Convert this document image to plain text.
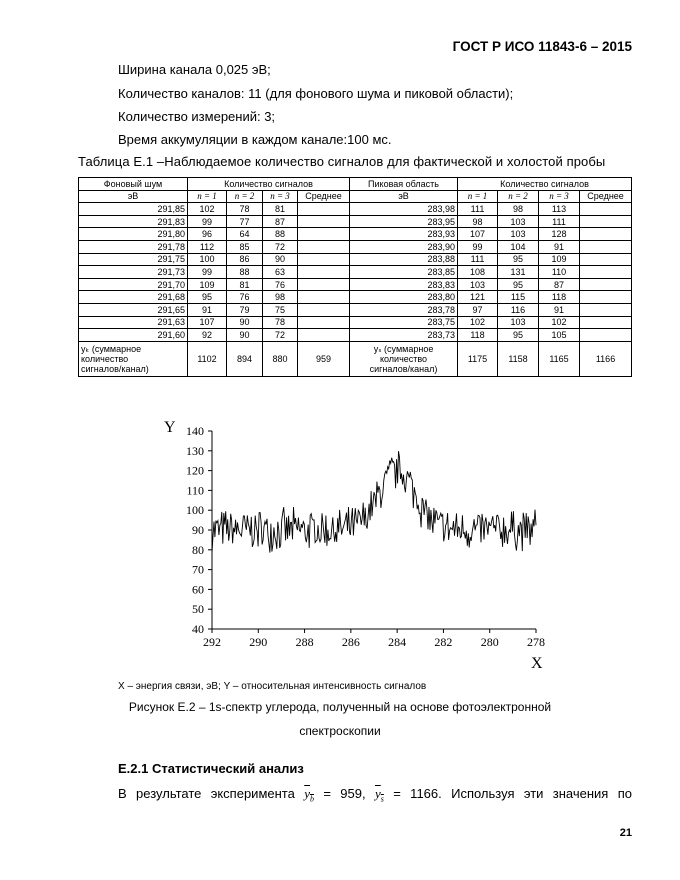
ГОСТ Р ИСО 11843-6 – 2015
Ширина канала 0,025 эВ;
Количество каналов: 11 (для фонового шума и пиковой области);
Количество измерений: 3;
Время аккумуляции в каждом канале:100 мс.
Таблица Е.1 –Наблюдаемое количество сигналов для фактической и холостой пробы
Фоновый шум	Количество сигналов				Пиковая область	Количество сигналов			
эВ	n = 1	n = 2	n = 3	Среднее	эВ	n = 1	n = 2	n = 3	Среднее
291,85	102	78	81		283,98	111	98	113	
291,83	99	77	87		283,95	98	103	111	
291,80	96	64	88		283,93	107	103	128	
291,78	112	85	72		283,90	99	104	91	
291,75	100	86	90		283,88	111	95	109	
291,73	99	88	63		283,85	108	131	110	
291,70	109	81	76		283,83	103	95	87	
291,68	95	76	98		283,80	121	115	118	
291,65	91	79	75		283,78	97	116	91	
291,63	107	90	78		283,75	102	103	102	
291,60	92	90	72		283,73	118	95	105	
yₖ (суммарное
количество
сигналов/канал)	1102	894	880	959	yₛ (суммарное
количество
сигналов/канал)	1175	1158	1165	1166
140
130
120
110
100
90
80
70
60
50
40
292 290 288 286 284 282 280 278
Y
X
X – энергия связи, эВ; Y – относительная интенсивность сигналов
Рисунок Е.2 – 1s-спектр углерода, полученный на основе фотоэлектронной
спектроскопии
Е.2.1 Статистический анализ
В результате эксперимента $y_b = 959$, $y_s = 1166$. Используя эти значения по
21
